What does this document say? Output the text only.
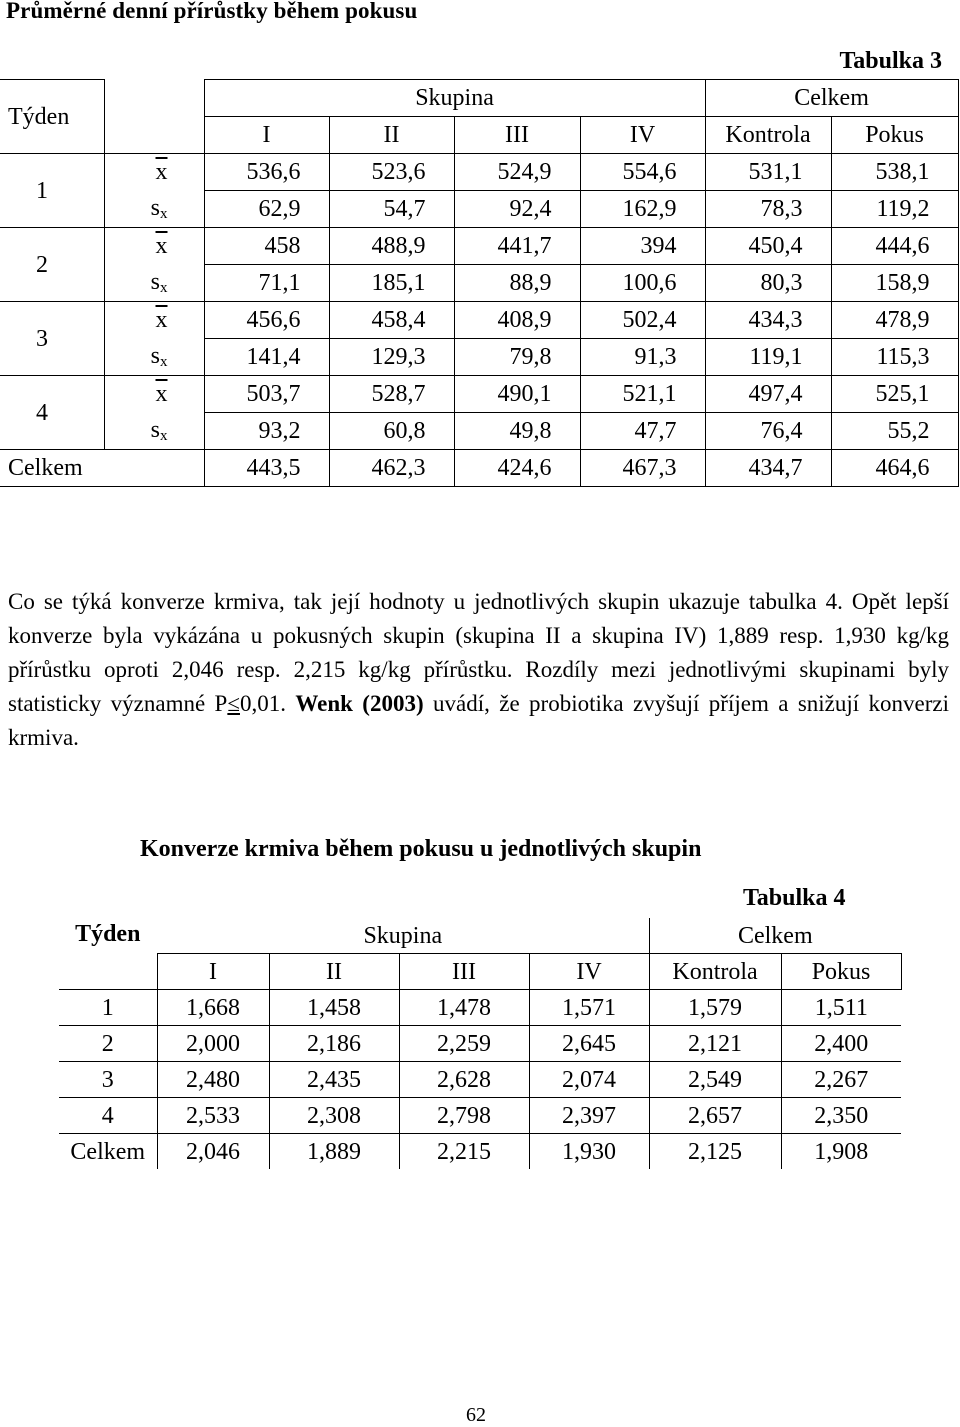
Průměrné denní přírůstky během pokusu
Tabulka 3
Týden		Skupina				Celkem	
		I	II	III	IV	Kontrola	Pokus
1	$\overline{x}$	536,6	523,6	524,9	554,6	531,1	538,1
	$s_x$	62,9	54,7	92,4	162,9	78,3	119,2
2	$\overline{x}$	458	488,9	441,7	394	450,4	444,6
	$s_x$	71,1	185,1	88,9	100,6	80,3	158,9
3	$\overline{x}$	456,6	458,4	408,9	502,4	434,3	478,9
	$s_x$	141,4	129,3	79,8	91,3	119,1	115,3
4	$\overline{x}$	503,7	528,7	490,1	521,1	497,4	525,1
	$s_x$	93,2	60,8	49,8	47,7	76,4	55,2
Celkem		443,5	462,3	424,6	467,3	434,7	464,6
Co se týká konverze krmiva, tak její hodnoty u jednotlivých skupin ukazuje tabulka 4. Opět lepší konverze byla vykázána u pokusných skupin (skupina II a skupina IV) 1,889 resp. 1,930 kg/kg přírůstku oproti 2,046 resp. 2,215 kg/kg přírůstku. Rozdíly mezi jednotlivými skupinami byly statisticky významné P≤0,01. Wenk (2003) uvádí, že probiotika zvyšují příjem a snižují konverzi krmiva.
Konverze krmiva během pokusu u jednotlivých skupin
Tabulka 4
Týden	Skupina				Celkem	
	I	II	III	IV	Kontrola	Pokus
1	1,668	1,458	1,478	1,571	1,579	1,511
2	2,000	2,186	2,259	2,645	2,121	2,400
3	2,480	2,435	2,628	2,074	2,549	2,267
4	2,533	2,308	2,798	2,397	2,657	2,350
Celkem	2,046	1,889	2,215	1,930	2,125	1,908
62
